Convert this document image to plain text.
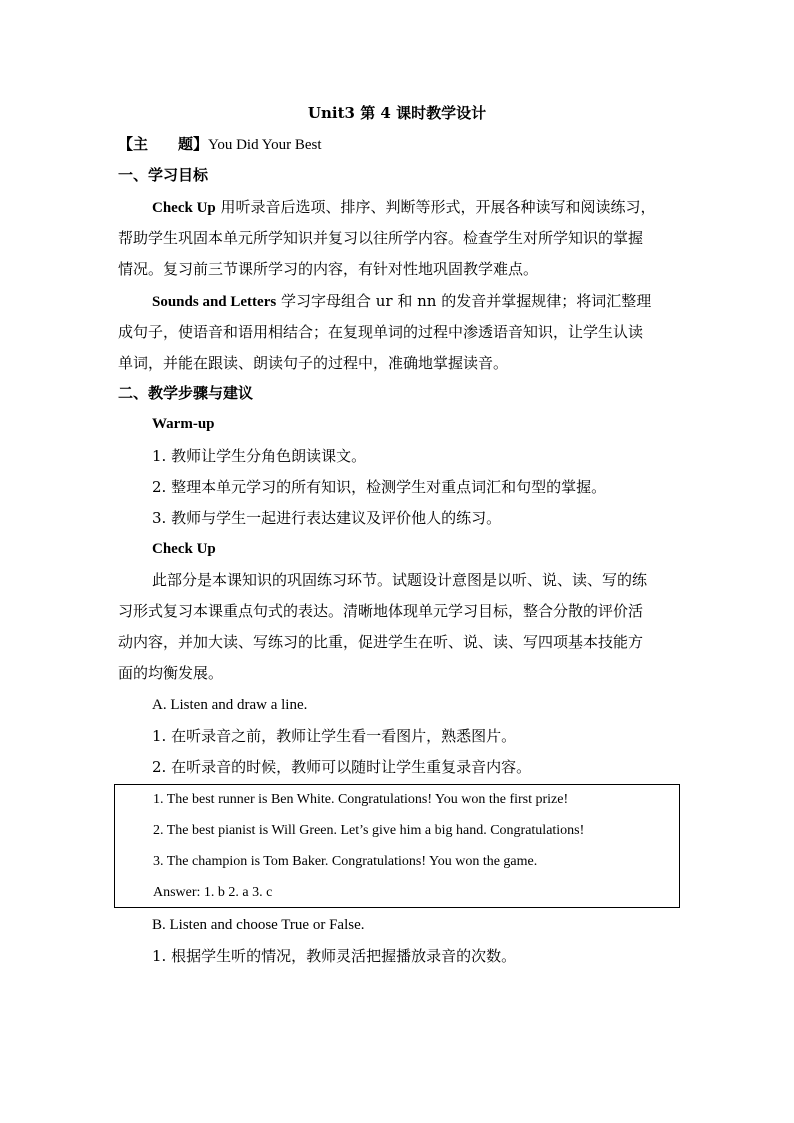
Unit3 第 4 课时教学设计
【主　　题】You Did Your Best
一、学习目标
Check Up 用听录音后选项、排序、判断等形式，开展各种读写和阅读练习，
帮助学生巩固本单元所学知识并复习以往所学内容。检查学生对所学知识的掌握
情况。复习前三节课所学习的内容，有针对性地巩固教学难点。
Sounds and Letters 学习字母组合 ur 和 nn 的发音并掌握规律；将词汇整理
成句子，使语音和语用相结合；在复现单词的过程中渗透语音知识，让学生认读
单词，并能在跟读、朗读句子的过程中，准确地掌握读音。
二、教学步骤与建议
Warm-up
1. 教师让学生分角色朗读课文。
2. 整理本单元学习的所有知识，检测学生对重点词汇和句型的掌握。
3. 教师与学生一起进行表达建议及评价他人的练习。
Check Up
此部分是本课知识的巩固练习环节。试题设计意图是以听、说、读、写的练
习形式复习本课重点句式的表达。清晰地体现单元学习目标，整合分散的评价活
动内容，并加大读、写练习的比重，促进学生在听、说、读、写四项基本技能方
面的均衡发展。
A. Listen and draw a line.
1. 在听录音之前，教师让学生看一看图片，熟悉图片。
2. 在听录音的时候，教师可以随时让学生重复录音内容。
1. The best runner is Ben White. Congratulations! You won the first prize!
2. The best pianist is Will Green. Let’s give him a big hand. Congratulations!
3. The champion is Tom Baker. Congratulations! You won the game.
Answer: 1. b 2. a 3. c
B. Listen and choose True or False.
1. 根据学生听的情况，教师灵活把握播放录音的次数。
